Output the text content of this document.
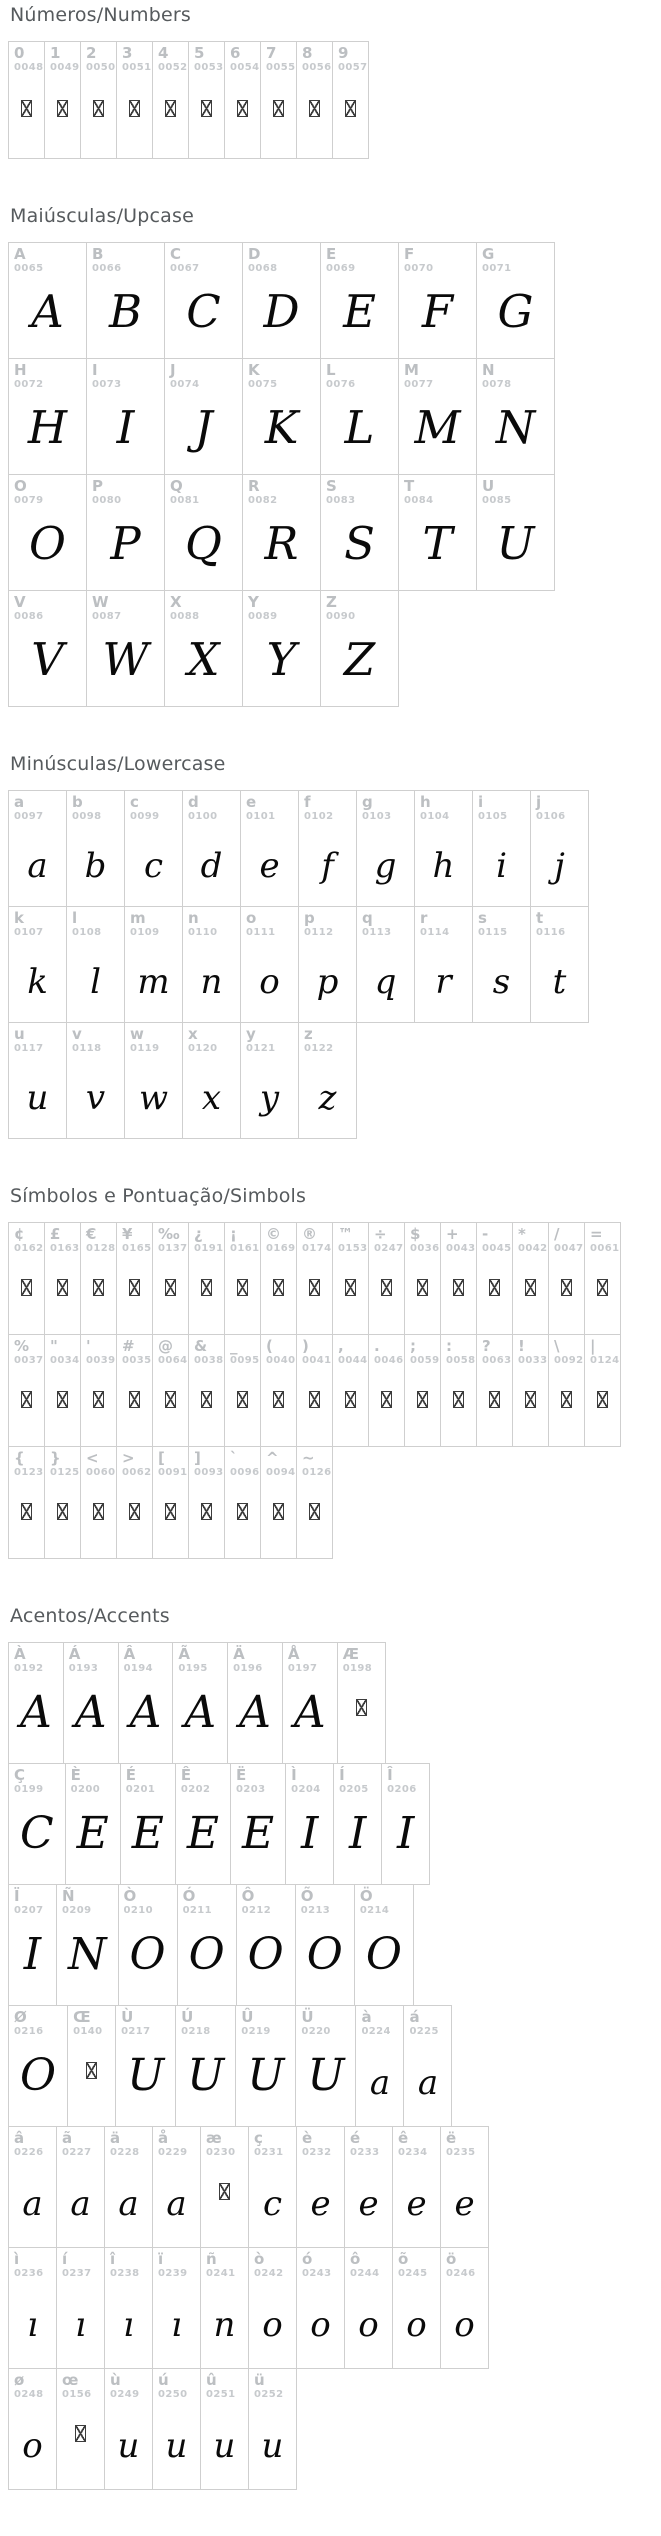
Números/Numbers
0
0048
1
0049
2
0050
3
0051
4
0052
5
0053
6
0054
7
0055
8
0056
9
0057
Maiúsculas/Upcase
A
0065
A
B
0066
B
C
0067
C
D
0068
D
E
0069
E
F
0070
F
G
0071
G
H
0072
H
I
0073
I
J
0074
J
K
0075
K
L
0076
L
M
0077
M
N
0078
N
O
0079
O
P
0080
P
Q
0081
Q
R
0082
R
S
0083
S
T
0084
T
U
0085
U
V
0086
V
W
0087
W
X
0088
X
Y
0089
Y
Z
0090
Z
Minúsculas/Lowercase
a
0097
a
b
0098
b
c
0099
c
d
0100
d
e
0101
e
f
0102
f
g
0103
g
h
0104
h
i
0105
i
j
0106
j
k
0107
k
l
0108
l
m
0109
m
n
0110
n
o
0111
o
p
0112
p
q
0113
q
r
0114
r
s
0115
s
t
0116
t
u
0117
u
v
0118
v
w
0119
w
x
0120
x
y
0121
y
z
0122
z
Símbolos e Pontuação/Simbols
¢
0162
£
0163
€
0128
¥
0165
‰
0137
¿
0191
¡
0161
©
0169
®
0174
™
0153
÷
0247
$
0036
+
0043
-
0045
*
0042
/
0047
=
0061
%
0037
"
0034
'
0039
#
0035
@
0064
&
0038
_
0095
(
0040
)
0041
,
0044
.
0046
;
0059
:
0058
?
0063
!
0033
\
0092
|
0124
{
0123
}
0125
<
0060
>
0062
[
0091
]
0093
`
0096
^
0094
~
0126
Acentos/Accents
À
0192
A
Á
0193
A
Â
0194
A
Ã
0195
A
Ä
0196
A
Å
0197
A
Æ
0198
Ç
0199
C
È
0200
E
É
0201
E
Ê
0202
E
Ë
0203
E
Ì
0204
I
Í
0205
I
Î
0206
I
Ï
0207
I
Ñ
0209
N
Ò
0210
O
Ó
0211
O
Ô
0212
O
Õ
0213
O
Ö
0214
O
Ø
0216
O
Œ
0140
Ù
0217
U
Ú
0218
U
Û
0219
U
Ü
0220
U
à
0224
a
á
0225
a
â
0226
a
ã
0227
a
ä
0228
a
å
0229
a
æ
0230
ç
0231
c
è
0232
e
é
0233
e
ê
0234
e
ë
0235
e
ì
0236
ı
í
0237
ı
î
0238
ı
ï
0239
ı
ñ
0241
n
ò
0242
o
ó
0243
o
ô
0244
o
õ
0245
o
ö
0246
o
ø
0248
o
œ
0156
ù
0249
u
ú
0250
u
û
0251
u
ü
0252
u
